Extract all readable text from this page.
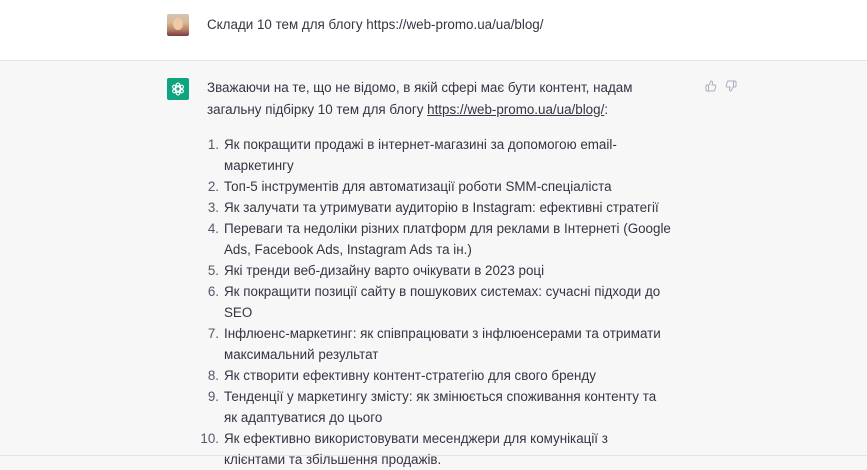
Склади 10 тем для блогу https://web-promo.ua/ua/blog/

Зважаючи на те, що не відомо, в якій сфері має бути контент, надам загальну підбірку 10 тем для блогу https://web-promo.ua/ua/blog/:

1. Як покращити продажі в інтернет-магазині за допомогою email-маркетингу
2. Топ-5 інструментів для автоматизації роботи SMM-спеціаліста
3. Як залучати та утримувати аудиторію в Instagram: ефективні стратегії
4. Переваги та недоліки різних платформ для реклами в Інтернеті (Google Ads, Facebook Ads, Instagram Ads та ін.)
5. Які тренди веб-дизайну варто очікувати в 2023 році
6. Як покращити позиції сайту в пошукових системах: сучасні підходи до SEO
7. Інфлюенс-маркетинг: як співпрацювати з інфлюенсерами та отримати максимальний результат
8. Як створити ефективну контент-стратегію для свого бренду
9. Тенденції у маркетингу змісту: як змінюється споживання контенту та як адаптуватися до цього
10. Як ефективно використовувати месенджери для комунікації з клієнтами та збільшення продажів.
